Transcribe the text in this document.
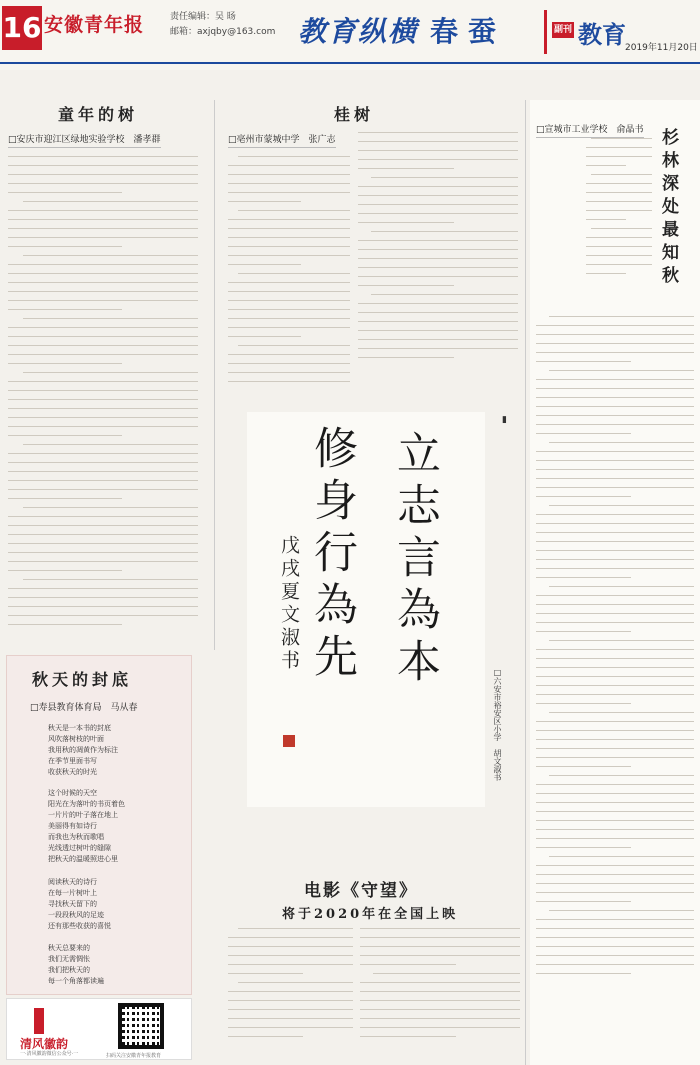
16 安徽青年报	责任编辑：吴 旸
邮箱：axjqby@163.com 教育纵横 春蚕	副刊 教育 2019年11月20日
童年的树
□安庆市迎江区绿地实验学校　潘孝群
桂树
□亳州市蒙城中学　张广志
立志言為本
修身行為先
戊戌夏文淑书
□六安市裕安区小学　胡文淑书
▮
秋天的封底
□寿县教育体育局　马从春
秋天是一本书的封底
风吹落树枝的叶面
我用秋的凋黄作为标注
在季节里面书写
收获秋天的时光
这个时候的天空
阳光在为落叶的书页着色
一片片的叶子落在地上
美丽得有如诗行
而我也为秋而歌唱
光线透过树叶的缝隙
把秋天的温暖照进心里
阅读秋天的诗行
在每一片树叶上
寻找秋天留下的
一段段秋风的足迹
还有那些收获的喜悦
秋天总要来的
我们无需惆怅
我们把秋天的
每一个角落都读遍
清风徽韵
一·清风徽韵微信公众号·一	扫码关注安徽青年报教育
电影《守望》
将于2020年在全国上映
□宣城市工业学校　俞晶书 杉林深处最知秋
